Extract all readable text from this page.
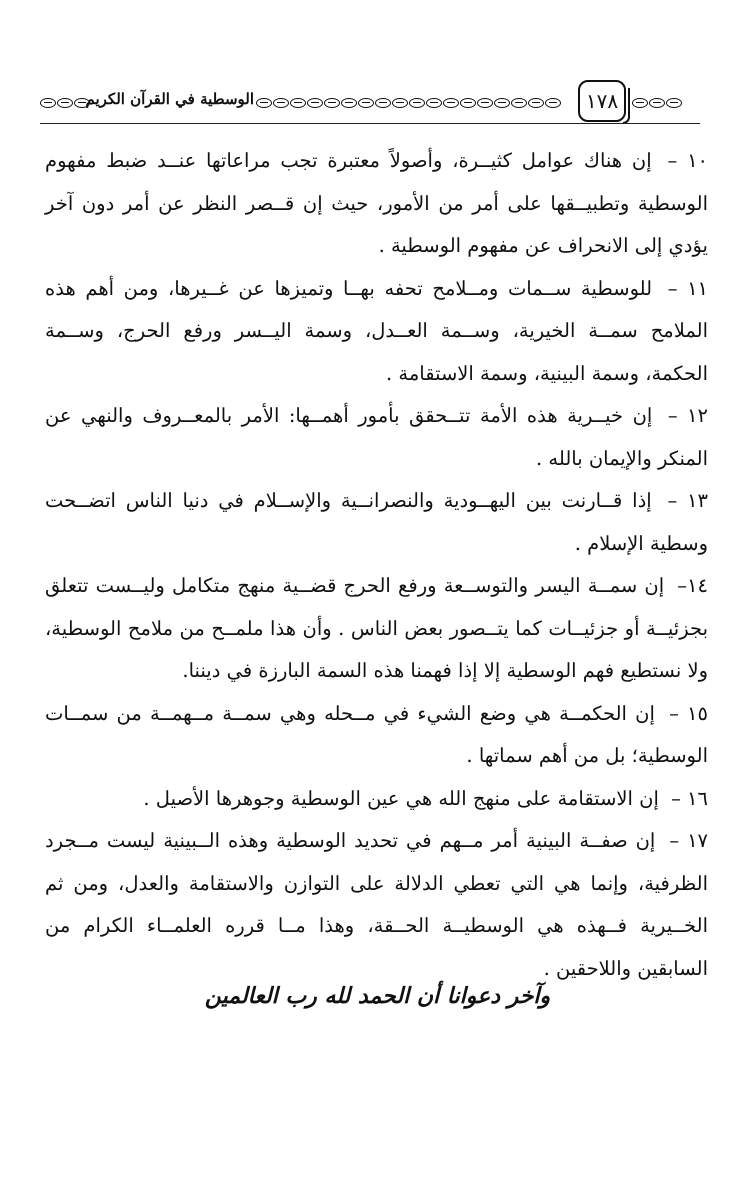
١٧٨
الوسطية في القرآن الكريم

١٠ – إن هناك عوامل كثيــرة، وأصولاً معتبرة تجب مراعاتها عنــد ضبط مفهوم الوسطية وتطبيــقها على أمر من الأمور، حيث إن قــصر النظر عن أمر دون آخر يؤدي إلى الانحراف عن مفهوم الوسطية .

١١ – للوسطية ســمات ومــلامح تحفه بهــا وتميزها عن غــيرها، ومن أهم هذه الملامح سمــة الخيرية، وســمة العــدل، وسمة اليــسر ورفع الحرج، وســمة الحكمة، وسمة البينية، وسمة الاستقامة .

١٢ – إن خيــرية هذه الأمة تتــحقق بأمور أهمــها: الأمر بالمعــروف والنهي عن المنكر والإيمان بالله .

١٣ – إذا قــارنت بين اليهــودية والنصرانــية والإســلام في دنيا الناس اتضــحت وسطية الإسلام .

١٤– إن سمــة اليسر والتوســعة ورفع الحرج قضــية منهج متكامل وليــست تتعلق بجزئيــة أو جزئيــات كما يتــصور بعض الناس . وأن هذا ملمــح من ملامح الوسطية، ولا نستطيع فهم الوسطية إلا إذا فهمنا هذه السمة البارزة في ديننا.

١٥ – إن الحكمــة هي وضع الشيء في مــحله وهي سمــة مــهمــة من سمــات الوسطية؛ بل من أهم سماتها .

١٦ – إن الاستقامة على منهج الله هي عين الوسطية وجوهرها الأصيل .

١٧ – إن صفــة البينية أمر مــهم في تحديد الوسطية وهذه الــبينية ليست مــجرد الظرفية، وإنما هي التي تعطي الدلالة على التوازن والاستقامة والعدل، ومن ثم الخــيرية فــهذه هي الوسطيــة الحــقة، وهذا مــا قرره العلمــاء الكرام من السابقين واللاحقين .

وآخر دعوانا أن الحمد لله رب العالمين
